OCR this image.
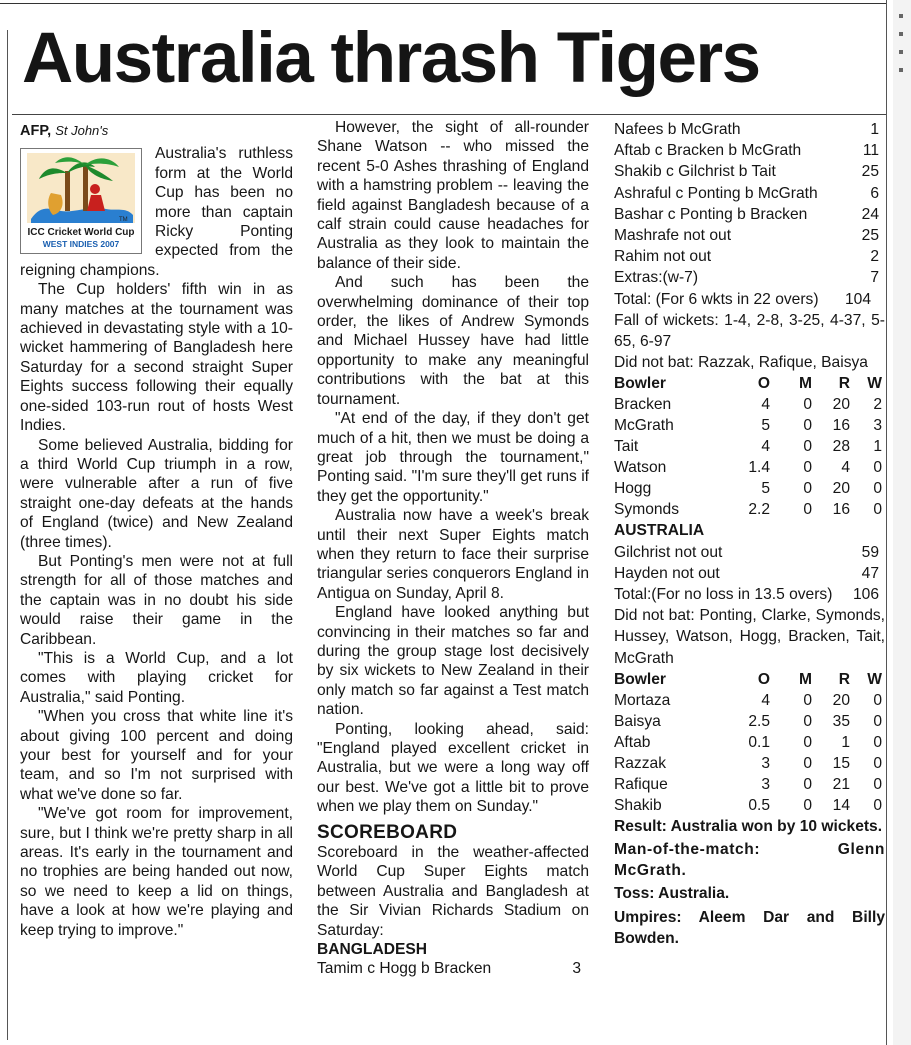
Australia thrash Tigers
AFP, St John's
TM
ICC Cricket World Cup
WEST INDIES 2007

Australia's ruthless form at the World Cup has been no more than captain Ricky Ponting expected from the reigning champions.

The Cup holders' fifth win in as many matches at the tournament was achieved in devastating style with a 10-wicket hammering of Bangladesh here Saturday for a second straight Super Eights success following their equally one-sided 103-run rout of hosts West Indies.

Some believed Australia, bidding for a third World Cup triumph in a row, were vulnerable after a run of five straight one-day defeats at the hands of England (twice) and New Zealand (three times).

But Ponting's men were not at full strength for all of those matches and the captain was in no doubt his side would raise their game in the Caribbean.

"This is a World Cup, and a lot comes with playing cricket for Australia," said Ponting.

"When you cross that white line it's about giving 100 percent and doing your best for yourself and for your team, and so I'm not surprised with what we've done so far.

"We've got room for improvement, sure, but I think we're pretty sharp in all areas. It's early in the tournament and no trophies are being handed out now, so we need to keep a lid on things, have a look at how we're playing and keep trying to improve."

However, the sight of all-rounder Shane Watson -- who missed the recent 5-0 Ashes thrashing of England with a hamstring problem -- leaving the field against Bangladesh because of a calf strain could cause headaches for Australia as they look to maintain the balance of their side.

And such has been the overwhelming dominance of their top order, the likes of Andrew Symonds and Michael Hussey have had little opportunity to make any meaningful contributions with the bat at this tournament.

"At end of the day, if they don't get much of a hit, then we must be doing a great job through the tournament," Ponting said. "I'm sure they'll get runs if they get the opportunity."

Australia now have a week's break until their next Super Eights match when they return to face their surprise triangular series conquerors England in Antigua on Sunday, April 8.

England have looked anything but convincing in their matches so far and during the group stage lost decisively by six wickets to New Zealand in their only match so far against a Test match nation.

Ponting, looking ahead, said: "England played excellent cricket in Australia, but we were a long way off our best. We've got a little bit to prove when we play them on Sunday."

SCOREBOARD

Scoreboard in the weather-affected World Cup Super Eights match between Australia and Bangladesh at the Sir Vivian Richards Stadium on Saturday:

BANGLADESH
Tamim c Hogg b Bracken	3
Nafees b McGrath	1
Aftab c Bracken b McGrath	11
Shakib c Gilchrist b Tait	25
Ashraful c Ponting b McGrath	6
Bashar c Ponting b Bracken	24
Mashrafe not out	25
Rahim not out	2
Extras:(w-7)	7
Total: (For 6 wkts in 22 overs)	104

Fall of wickets: 1-4, 2-8, 3-25, 4-37, 5-65, 6-97

Did not bat: Razzak, Rafique, Baisya

Bowler	O	M	R	W
Bracken	4	0	20	2
McGrath	5	0	16	3
Tait	4	0	28	1
Watson	1.4	0	4	0
Hogg	5	0	20	0
Symonds	2.2	0	16	0
AUSTRALIA
Gilchrist not out	59
Hayden not out	47
Total:(For no loss in 13.5 overs)	106

Did not bat: Ponting, Clarke, Symonds, Hussey, Watson, Hogg, Bracken, Tait, McGrath

Bowler	O	M	R	W
Mortaza	4	0	20	0
Baisya	2.5	0	35	0
Aftab	0.1	0	1	0
Razzak	3	0	15	0
Rafique	3	0	21	0
Shakib	0.5	0	14	0

Result: Australia won by 10 wickets.

Man-of-the-match: Glenn McGrath.

Toss: Australia.

Umpires: Aleem Dar and Billy Bowden.
